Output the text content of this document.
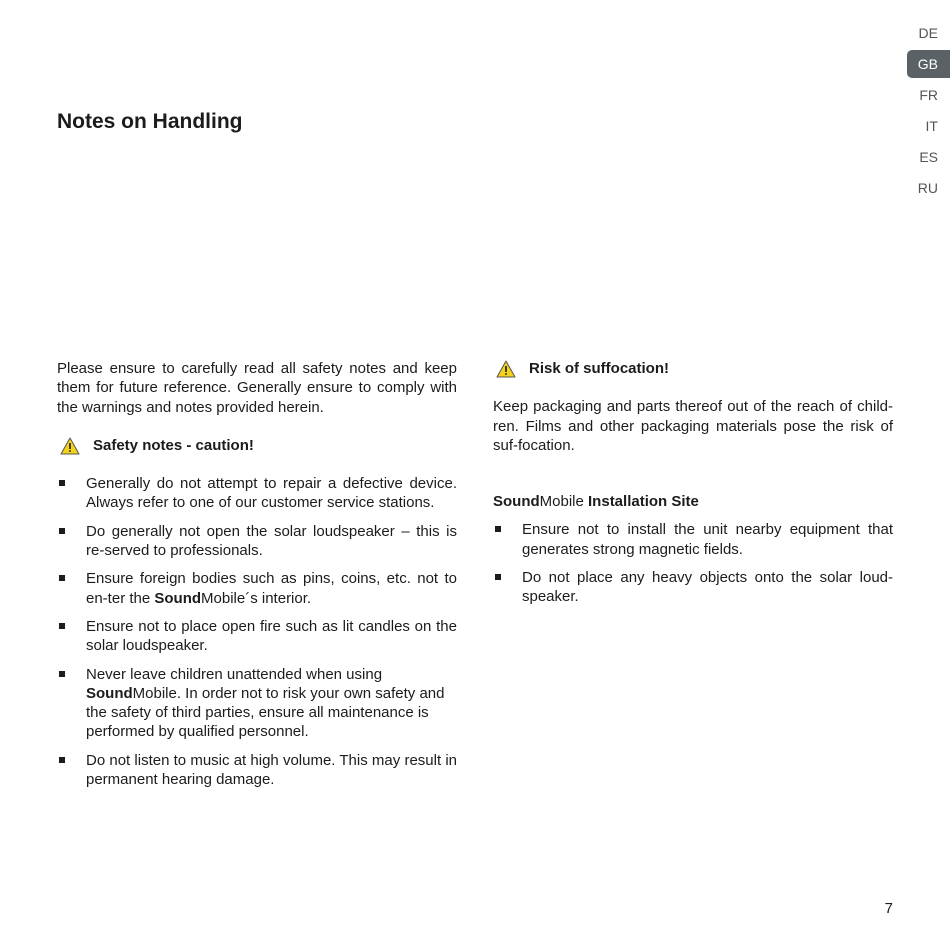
DE
GB
FR
IT
ES
RU
Notes on Handling

Please ensure to carefully read all safety notes and keep them for future reference. Generally ensure to comply with the warnings and notes provided herein.

Safety notes - caution!
Generally do not attempt to repair a defective device. Always refer to one of our customer service stations.
Do generally not open the solar loudspeaker – this is re-served to professionals.
Ensure foreign bodies such as pins, coins, etc. not to en-ter the SoundMobile´s interior.
Ensure not to place open fire such as lit candles on the solar loudspeaker.
Never leave children unattended when using SoundMobile. In order not to risk your own safety and the safety of third parties, ensure all maintenance is performed by qualified personnel.
Do not listen to music at high volume. This may result in permanent hearing damage.
Risk of suffocation!

Keep packaging and parts thereof out of the reach of child-ren. Films and other packaging materials pose the risk of suf-focation.

SoundMobile Installation Site
Ensure not to install the unit nearby equipment that generates strong magnetic fields.
Do not place any heavy objects onto the solar loud-speaker.
7
